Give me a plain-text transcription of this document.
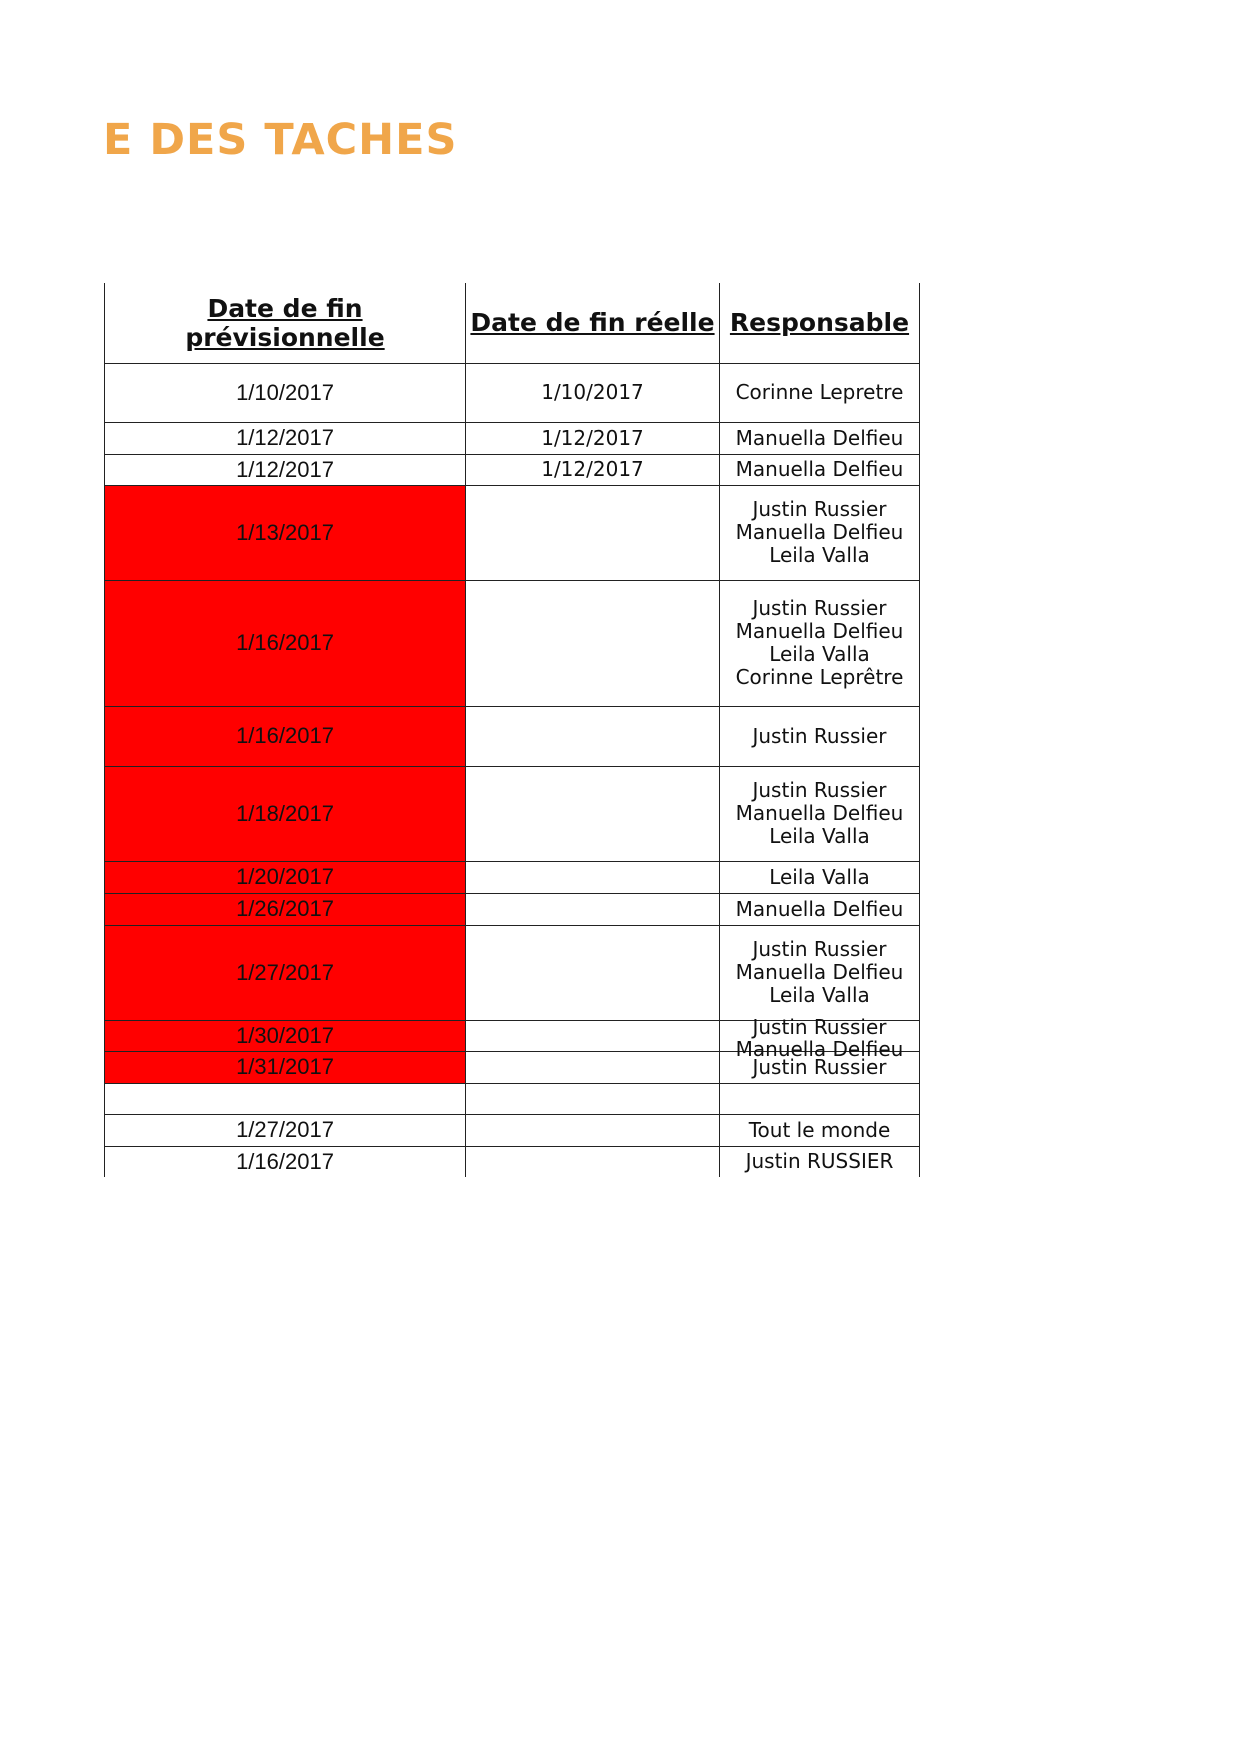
E DES TACHES
Date de fin
prévisionnelle	Date de fin réelle	Responsable
1/10/2017	1/10/2017	Corinne Lepretre

1/12/2017	1/12/2017	Manuella Delfieu

1/12/2017	1/12/2017	Manuella Delfieu

1/13/2017		Justin Russier
Manuella Delfieu
Leila Valla

1/16/2017		Justin Russier
Manuella Delfieu
Leila Valla
Corinne Leprêtre

1/16/2017		Justin Russier

1/18/2017		Justin Russier
Manuella Delfieu
Leila Valla

1/20/2017		Leila Valla

1/26/2017		Manuella Delfieu

1/27/2017		Justin Russier
Manuella Delfieu
Leila Valla

1/30/2017		Justin Russier
Manuella Delfieu

1/31/2017		Justin Russier

1/27/2017		Tout le monde

1/16/2017		Justin RUSSIER
